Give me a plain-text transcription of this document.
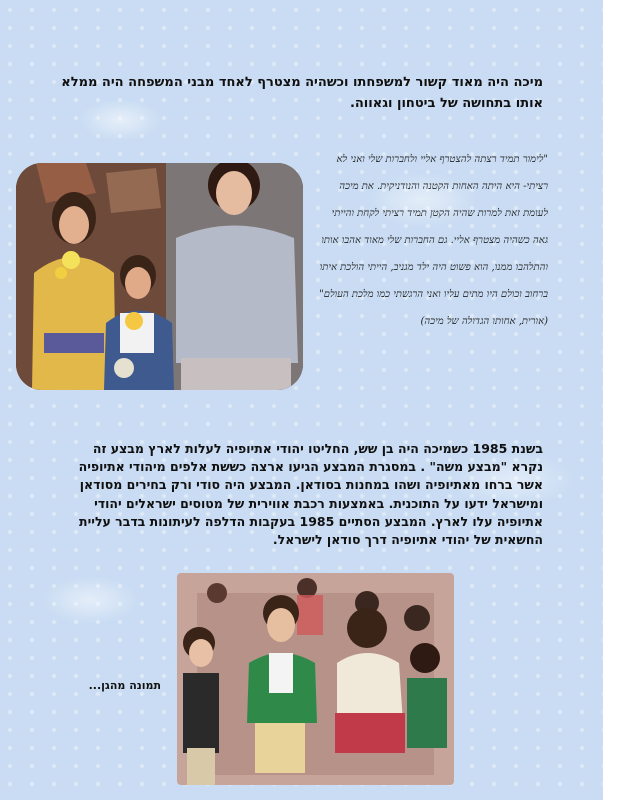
מיכה היה מאוד קשור למשפחתו וכשהיה מצטרף לאחד מבני המשפחה היה ממלא אותו בתחושה של ביטחון וגאווה.
"לימור תמיד רצתה להצטרף אליי ולחברות שלי ואני לא רציתי- היא היתה האחות הקטנה והנודניקית. את מיכה לעומת זאת למרות שהיה הקטן תמיד רציתי לקחת והייתי גאה כשהיה מצטרף אליי. גם החברות שלי מאוד אהבו אותו והתלהבו ממנו, הוא פשוט היה ילד מגניב, הייתי הולכת איתו ברחוב וכולם היו מתים עליו ואני הרגשתי כמו מלכת העולם" (אורית, אחותו הגדולה של מיכה)
בשנת 1985 כשמיכה היה בן שש, החליטו יהודי אתיופיה לעלות לארץ מבצע זה נקרא "מבצע משה" . במסגרת המבצע הגיעו ארצה כששת אלפים מיהודי אתיופיה אשר ברחו מאתיופיה ושהו במחנות בסודאן. המבצע היה סודי ורק בחירים מסודאן ומישראל ידעו על התוכנית. באמצעות רכבת אווירית של מטוסים ישראלים יהודי אתיופיה עלו לארץ. המבצע הסתיים 1985 בעקבות הדלפה לעיתונות בדבר עליית החשאית של יהודי אתיופיה דרך סודאן לישראל.
תמונה מהגן...
